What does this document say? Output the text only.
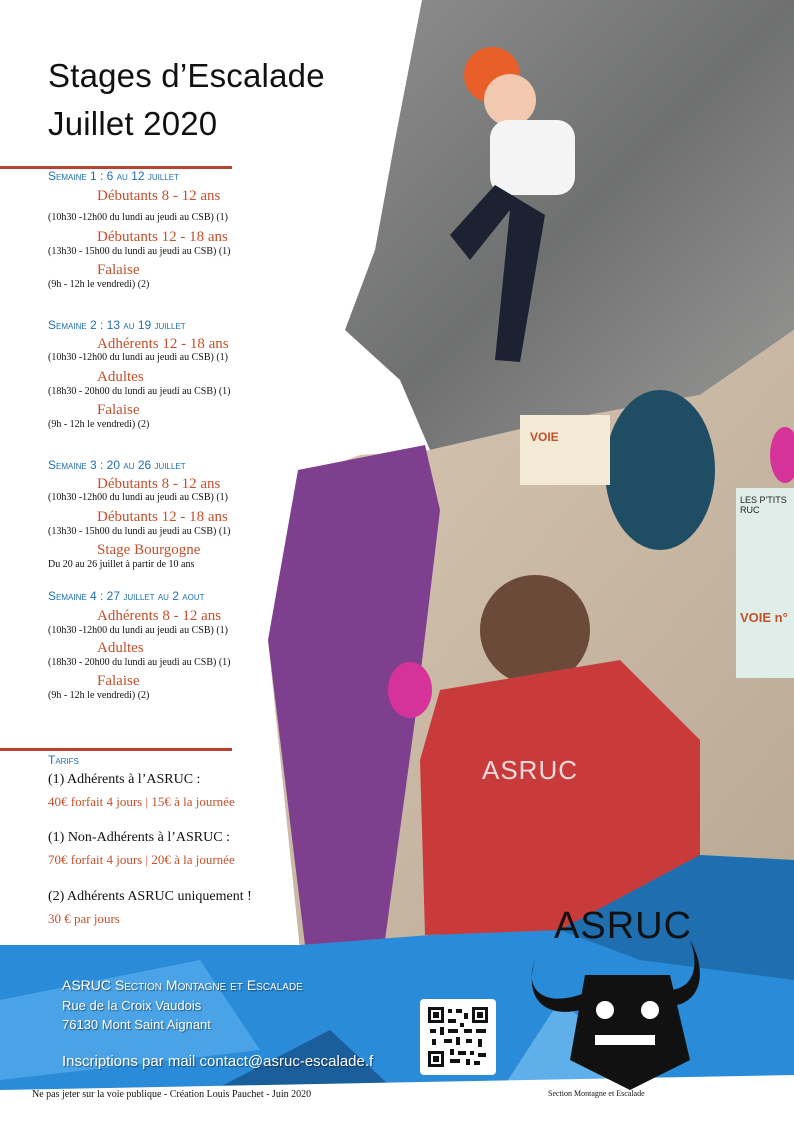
VOIE
LES P'TITS RUC
VOIE n°
ASRUC
Stages d’Escalade
Juillet 2020
Semaine 1 : 6 au 12 juillet
Débutants 8 - 12 ans
(10h30 -12h00 du lundi au jeudi au CSB) (1)
Débutants 12 - 18 ans
(13h30 - 15h00 du lundi au jeudi au CSB) (1)
Falaise
(9h - 12h le vendredi) (2)
Semaine 2 : 13 au 19 juillet
Adhérents 12 - 18 ans
(10h30 -12h00 du lundi au jeudi au CSB) (1)
Adultes
(18h30 - 20h00 du lundi au jeudi au CSB) (1)
Falaise
(9h - 12h le vendredi) (2)
Semaine 3 : 20 au 26 juillet
Débutants 8 - 12 ans
(10h30 -12h00 du lundi au jeudi au CSB) (1)
Débutants 12 - 18 ans
(13h30 - 15h00 du lundi au jeudi au CSB) (1)
Stage Bourgogne
Du 20 au 26 juillet à partir de 10 ans
Semaine 4 : 27 juillet au 2 aout
Adhérents 8 - 12 ans
(10h30 -12h00 du lundi au jeudi au CSB) (1)
Adultes
(18h30 - 20h00 du lundi au jeudi au CSB) (1)
Falaise
(9h - 12h le vendredi) (2)
Tarifs
(1) Adhérents à l’ASRUC :
40€ forfait 4 jours | 15€ à la journée
(1) Non-Adhérents à l’ASRUC :
70€ forfait 4 jours | 20€ à la journée
(2) Adhérents ASRUC uniquement !
30 € par jours
ASRUC Section Montagne et Escalade
Rue de la Croix Vaudois
76130 Mont Saint Aignant
Inscriptions par mail contact@asruc-escalade.f
ASRUC
Section Montagne et Escalade
Ne pas jeter sur la voie publique - Création Louis Pauchet - Juin 2020
